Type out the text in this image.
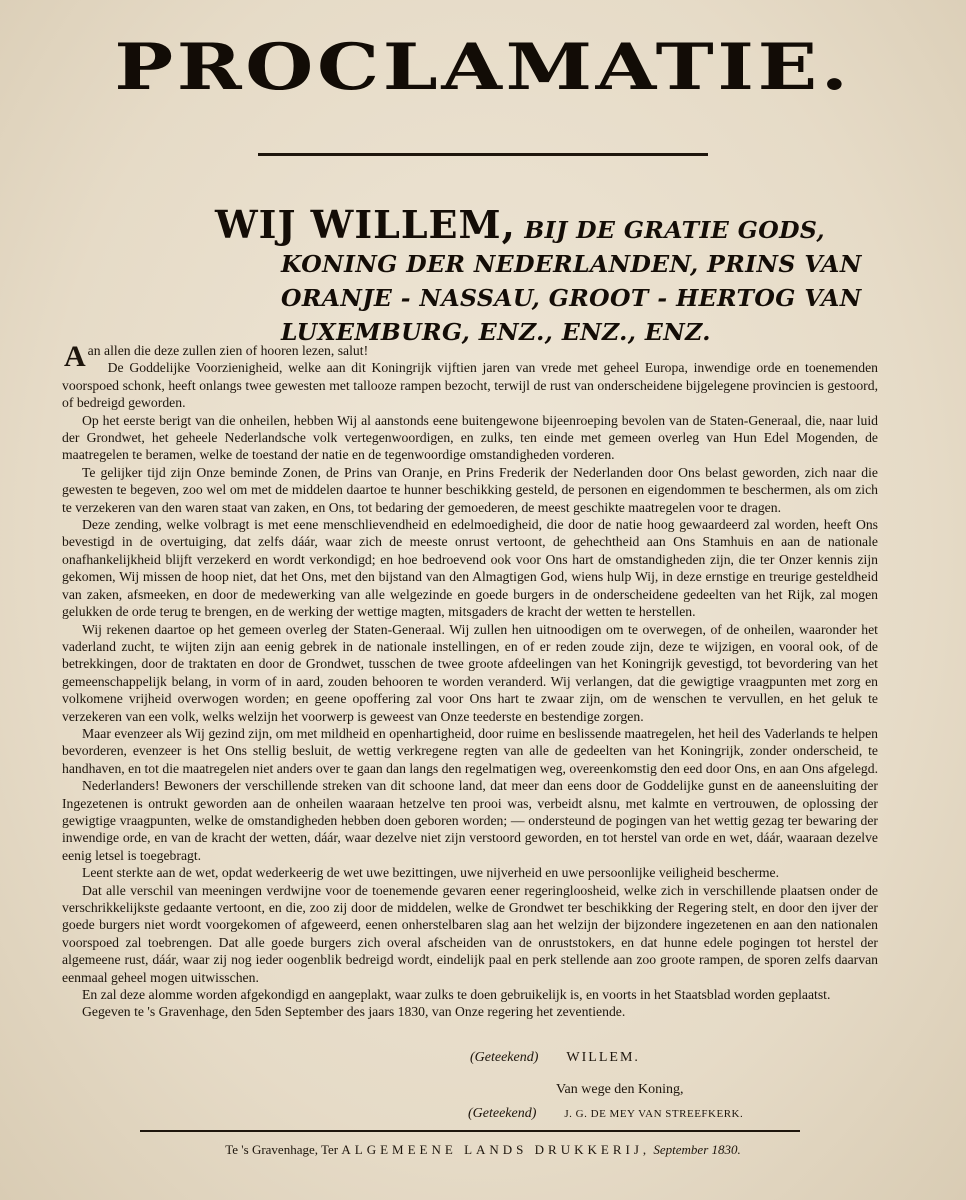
PROCLAMATIE.
WIJ WILLEM, BIJ DE GRATIE GODS,
KONING DER NEDERLANDEN, PRINS VAN
ORANJE - NASSAU, GROOT - HERTOG VAN
LUXEMBURG, ENZ., ENZ., ENZ.

Aan allen die deze zullen zien of hooren lezen, salut!

De Goddelijke Voorzienigheid, welke aan dit Koningrijk vijftien jaren van vrede met geheel Europa, inwendige orde en toenemenden voorspoed schonk, heeft onlangs twee gewesten met tallooze rampen bezocht, terwijl de rust van onderscheidene bijgelegene provincien is gestoord, of bedreigd geworden.

Op het eerste berigt van die onheilen, hebben Wij al aanstonds eene buitengewone bijeenroeping bevolen van de Staten-Generaal, die, naar luid der Grondwet, het geheele Nederlandsche volk vertegenwoordigen, en zulks, ten einde met gemeen overleg van Hun Edel Mogenden, de maatregelen te beramen, welke de toestand der natie en de tegenwoordige omstandigheden vorderen.

Te gelijker tijd zijn Onze beminde Zonen, de Prins van Oranje, en Prins Frederik der Nederlanden door Ons belast geworden, zich naar die gewesten te begeven, zoo wel om met de middelen daartoe te hunner beschikking gesteld, de personen en eigendommen te beschermen, als om zich te verzekeren van den waren staat van zaken, en Ons, tot bedaring der gemoederen, de meest geschikte maatregelen voor te dragen.

Deze zending, welke volbragt is met eene menschlievendheid en edelmoedigheid, die door de natie hoog gewaardeerd zal worden, heeft Ons bevestigd in de overtuiging, dat zelfs dáár, waar zich de meeste onrust vertoont, de gehechtheid aan Ons Stamhuis en aan de nationale onafhankelijkheid blijft verzekerd en wordt verkondigd; en hoe bedroevend ook voor Ons hart de omstandigheden zijn, die ter Onzer kennis zijn gekomen, Wij missen de hoop niet, dat het Ons, met den bijstand van den Almagtigen God, wiens hulp Wij, in deze ernstige en treurige gesteldheid van zaken, afsmeeken, en door de medewerking van alle welgezinde en goede burgers in de onderscheidene gedeelten van het Rijk, zal mogen gelukken de orde terug te brengen, en de werking der wettige magten, mitsgaders de kracht der wetten te herstellen.

Wij rekenen daartoe op het gemeen overleg der Staten-Generaal. Wij zullen hen uitnoodigen om te overwegen, of de onheilen, waaronder het vaderland zucht, te wijten zijn aan eenig gebrek in de nationale instellingen, en of er reden zoude zijn, deze te wijzigen, en vooral ook, of de betrekkingen, door de traktaten en door de Grondwet, tusschen de twee groote afdeelingen van het Koningrijk gevestigd, tot bevordering van het gemeenschappelijk belang, in vorm of in aard, zouden behooren te worden veranderd. Wij verlangen, dat die gewigtige vraagpunten met zorg en volkomene vrijheid overwogen worden; en geene opoffering zal voor Ons hart te zwaar zijn, om de wenschen te vervullen, en het geluk te verzekeren van een volk, welks welzijn het voorwerp is geweest van Onze teederste en bestendige zorgen.

Maar evenzeer als Wij gezind zijn, om met mildheid en openhartigheid, door ruime en beslissende maatregelen, het heil des Vaderlands te helpen bevorderen, evenzeer is het Ons stellig besluit, de wettig verkregene regten van alle de gedeelten van het Koningrijk, zonder onderscheid, te handhaven, en tot die maatregelen niet anders over te gaan dan langs den regelmatigen weg, overeenkomstig den eed door Ons, en aan Ons afgelegd.

Nederlanders! Bewoners der verschillende streken van dit schoone land, dat meer dan eens door de Goddelijke gunst en de aaneensluiting der Ingezetenen is ontrukt geworden aan de onheilen waaraan hetzelve ten prooi was, verbeidt alsnu, met kalmte en vertrouwen, de oplossing der gewigtige vraagpunten, welke de omstandigheden hebben doen geboren worden; — ondersteund de pogingen van het wettig gezag ter bewaring der inwendige orde, en van de kracht der wetten, dáár, waar dezelve niet zijn verstoord geworden, en tot herstel van orde en wet, dáár, waaraan dezelve eenig letsel is toegebragt.

Leent sterkte aan de wet, opdat wederkeerig de wet uwe bezittingen, uwe nijverheid en uwe persoonlijke veiligheid bescherme.

Dat alle verschil van meeningen verdwijne voor de toenemende gevaren eener regeringloosheid, welke zich in verschillende plaatsen onder de verschrikkelijkste gedaante vertoont, en die, zoo zij door de middelen, welke de Grondwet ter beschikking der Regering stelt, en door den ijver der goede burgers niet wordt voorgekomen of afgeweerd, eenen onherstelbaren slag aan het welzijn der bijzondere ingezetenen en aan den nationalen voorspoed zal toebrengen. Dat alle goede burgers zich overal afscheiden van de onruststokers, en dat hunne edele pogingen tot herstel der algemeene rust, dáár, waar zij nog ieder oogenblik bedreigd wordt, eindelijk paal en perk stellende aan zoo groote rampen, de sporen zelfs daarvan eenmaal geheel mogen uitwisschen.

En zal deze alomme worden afgekondigd en aangeplakt, waar zulks te doen gebruikelijk is, en voorts in het Staatsblad worden geplaatst.

Gegeven te 's Gravenhage, den 5den September des jaars 1830, van Onze regering het zeventiende.

(Geteekend) WILLEM.
Van wege den Koning,
(Geteekend)	J. G. DE MEY VAN STREEFKERK.
Te 's Gravenhage, Ter ALGEMEENE LANDS DRUKKERIJ, September 1830.
